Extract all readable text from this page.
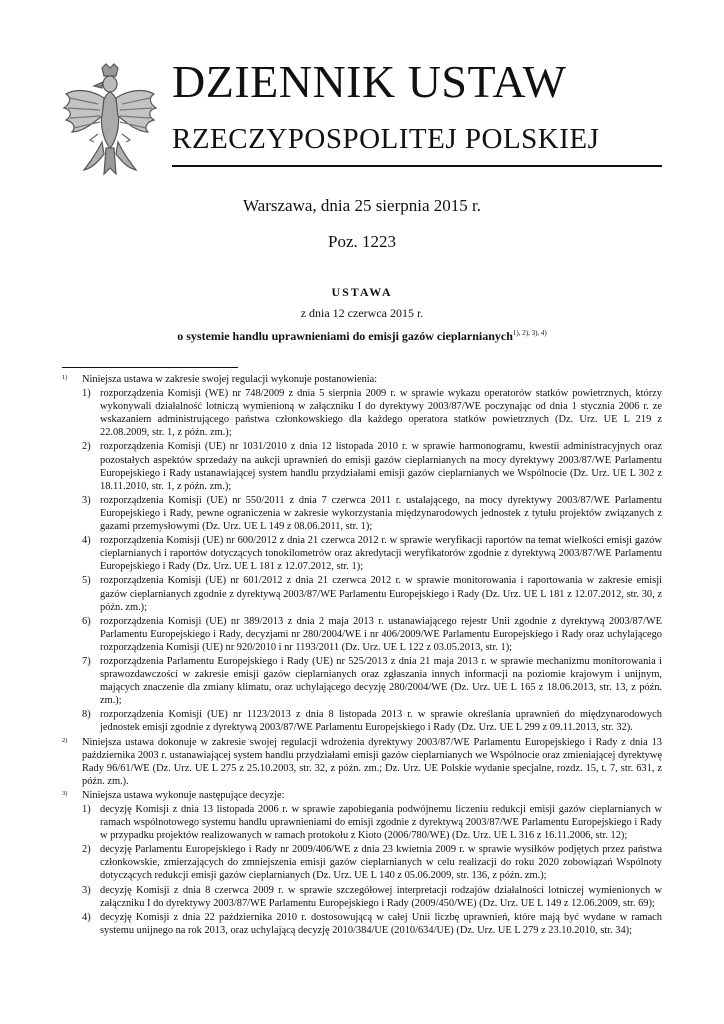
DZIENNIK USTAW
RZECZYPOSPOLITEJ POLSKIEJ
Warszawa, dnia 25 sierpnia 2015 r.
Poz. 1223
USTAWA
z dnia 12 czerwca 2015 r.
o systemie handlu uprawnieniami do emisji gazów cieplarnianych$^{1), 2), 3), 4)}$
1) Niniejsza ustawa w zakresie swojej regulacji wykonuje postanowienia:
1) rozporządzenia Komisji (WE) nr 748/2009 z dnia 5 sierpnia 2009 r. w sprawie wykazu operatorów statków powietrznych, którzy wykonywali działalność lotniczą wymienioną w załączniku I do dyrektywy 2003/87/WE poczynając od dnia 1 stycznia 2006 r. ze wskazaniem administrującego państwa członkowskiego dla każdego operatora statków powietrznych (Dz. Urz. UE L 219 z 22.08.2009, str. 1, z późn. zm.);
2) rozporządzenia Komisji (UE) nr 1031/2010 z dnia 12 listopada 2010 r. w sprawie harmonogramu, kwestii administracyjnych oraz pozostałych aspektów sprzedaży na aukcji uprawnień do emisji gazów cieplarnianych na mocy dyrektywy 2003/87/WE Parlamentu Europejskiego i Rady ustanawiającej system handlu przydziałami emisji gazów cieplarnianych we Wspólnocie (Dz. Urz. UE L 302 z 18.11.2010, str. 1, z późn. zm.);
3) rozporządzenia Komisji (UE) nr 550/2011 z dnia 7 czerwca 2011 r. ustalającego, na mocy dyrektywy 2003/87/WE Parlamentu Europejskiego i Rady, pewne ograniczenia w zakresie wykorzystania międzynarodowych jednostek z tytułu projektów związanych z gazami przemysłowymi (Dz. Urz. UE L 149 z 08.06.2011, str. 1);
4) rozporządzenia Komisji (UE) nr 600/2012 z dnia 21 czerwca 2012 r. w sprawie weryfikacji raportów na temat wielkości emisji gazów cieplarnianych i raportów dotyczących tonokilometrów oraz akredytacji weryfikatorów zgodnie z dyrektywą 2003/87/WE Parlamentu Europejskiego i Rady (Dz. Urz. UE L 181 z 12.07.2012, str. 1);
5) rozporządzenia Komisji (UE) nr 601/2012 z dnia 21 czerwca 2012 r. w sprawie monitorowania i raportowania w zakresie emisji gazów cieplarnianych zgodnie z dyrektywą 2003/87/WE Parlamentu Europejskiego i Rady (Dz. Urz. UE L 181 z 12.07.2012, str. 30, z późn. zm.);
6) rozporządzenia Komisji (UE) nr 389/2013 z dnia 2 maja 2013 r. ustanawiającego rejestr Unii zgodnie z dyrektywą 2003/87/WE Parlamentu Europejskiego i Rady, decyzjami nr 280/2004/WE i nr 406/2009/WE Parlamentu Europejskiego i Rady oraz uchylającego rozporządzenia Komisji (UE) nr 920/2010 i nr 1193/2011 (Dz. Urz. UE L 122 z 03.05.2013, str. 1);
7) rozporządzenia Parlamentu Europejskiego i Rady (UE) nr 525/2013 z dnia 21 maja 2013 r. w sprawie mechanizmu monitorowania i sprawozdawczości w zakresie emisji gazów cieplarnianych oraz zgłaszania innych informacji na poziomie krajowym i unijnym, mających znaczenie dla zmiany klimatu, oraz uchylającego decyzję 280/2004/WE (Dz. Urz. UE L 165 z 18.06.2013, str. 13, z późn. zm.);
8) rozporządzenia Komisji (UE) nr 1123/2013 z dnia 8 listopada 2013 r. w sprawie określania uprawnień do międzynarodowych jednostek emisji zgodnie z dyrektywą 2003/87/WE Parlamentu Europejskiego i Rady (Dz. Urz. UE L 299 z 09.11.2013, str. 32).
2) Niniejsza ustawa dokonuje w zakresie swojej regulacji wdrożenia dyrektywy 2003/87/WE Parlamentu Europejskiego i Rady z dnia 13 października 2003 r. ustanawiającej system handlu przydziałami emisji gazów cieplarnianych we Wspólnocie oraz zmieniającej dyrektywę Rady 96/61/WE (Dz. Urz. UE L 275 z 25.10.2003, str. 32, z późn. zm.; Dz. Urz. UE Polskie wydanie specjalne, rozdz. 15, t. 7, str. 631, z późn. zm.).
3) Niniejsza ustawa wykonuje następujące decyzje:
1) decyzję Komisji z dnia 13 listopada 2006 r. w sprawie zapobiegania podwójnemu liczeniu redukcji emisji gazów cieplarnianych w ramach wspólnotowego systemu handlu uprawnieniami do emisji zgodnie z dyrektywą 2003/87/WE Parlamentu Europejskiego i Rady w przypadku projektów realizowanych w ramach protokołu z Kioto (2006/780/WE) (Dz. Urz. UE L 316 z 16.11.2006, str. 12);
2) decyzję Parlamentu Europejskiego i Rady nr 2009/406/WE z dnia 23 kwietnia 2009 r. w sprawie wysiłków podjętych przez państwa członkowskie, zmierzających do zmniejszenia emisji gazów cieplarnianych w celu realizacji do roku 2020 zobowiązań Wspólnoty dotyczących redukcji emisji gazów cieplarnianych (Dz. Urz. UE L 140 z 05.06.2009, str. 136, z późn. zm.);
3) decyzję Komisji z dnia 8 czerwca 2009 r. w sprawie szczegółowej interpretacji rodzajów działalności lotniczej wymienionych w załączniku I do dyrektywy 2003/87/WE Parlamentu Europejskiego i Rady (2009/450/WE) (Dz. Urz. UE L 149 z 12.06.2009, str. 69);
4) decyzję Komisji z dnia 22 października 2010 r. dostosowującą w całej Unii liczbę uprawnień, które mają być wydane w ramach systemu unijnego na rok 2013, oraz uchylającą decyzję 2010/384/UE (2010/634/UE) (Dz. Urz. UE L 279 z 23.10.2010, str. 34);
